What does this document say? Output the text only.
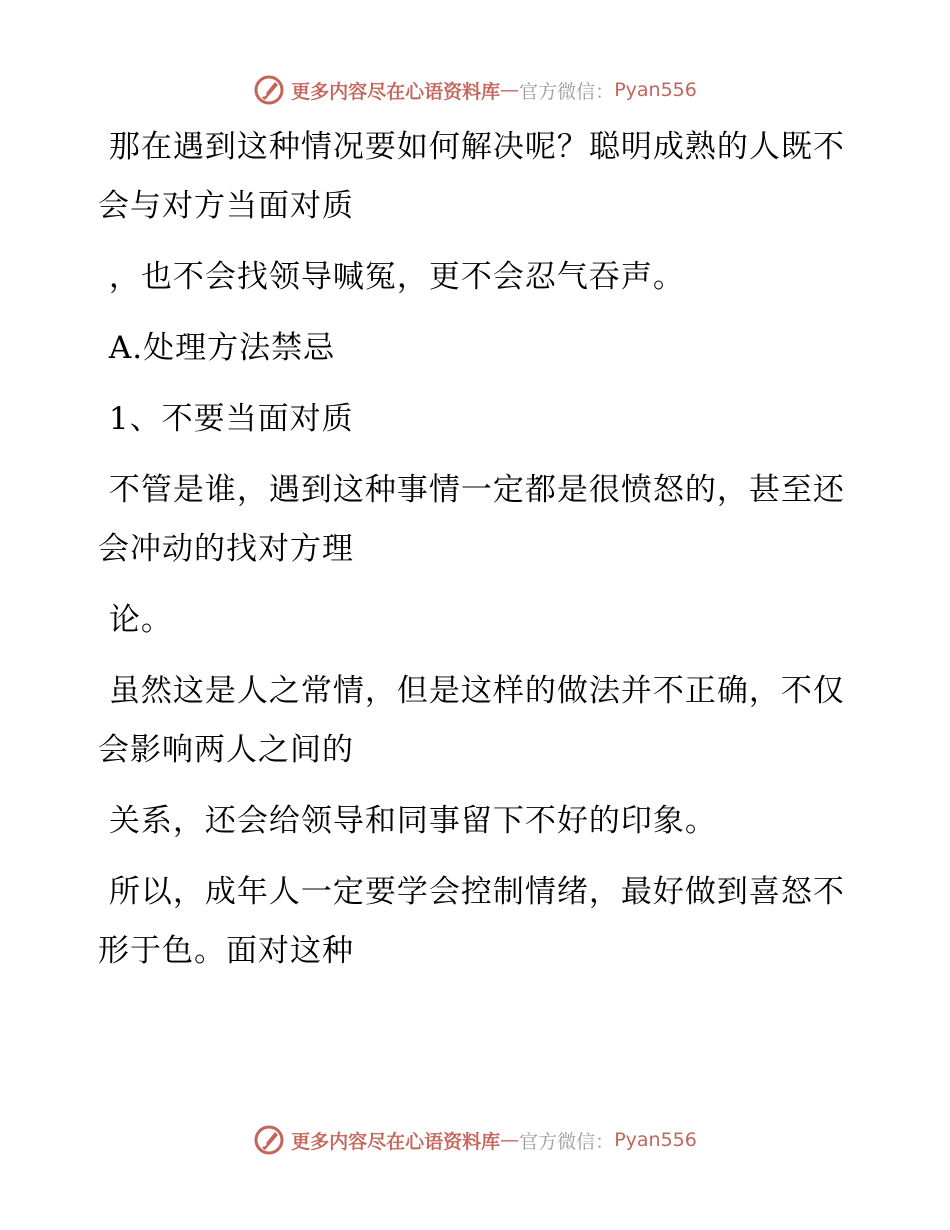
更多内容尽在心语资料库 — 官方微信： Pyan556

那在遇到这种情况要如何解决呢？聪明成熟的人既不会与对方当面对质

，也不会找领导喊冤，更不会忍气吞声。

A.处理方法禁忌

1、不要当面对质

不管是谁，遇到这种事情一定都是很愤怒的，甚至还会冲动的找对方理

论。

虽然这是人之常情，但是这样的做法并不正确，不仅会影响两人之间的

关系，还会给领导和同事留下不好的印象。

所以，成年人一定要学会控制情绪，最好做到喜怒不形于色。面对这种

更多内容尽在心语资料库 — 官方微信： Pyan556
